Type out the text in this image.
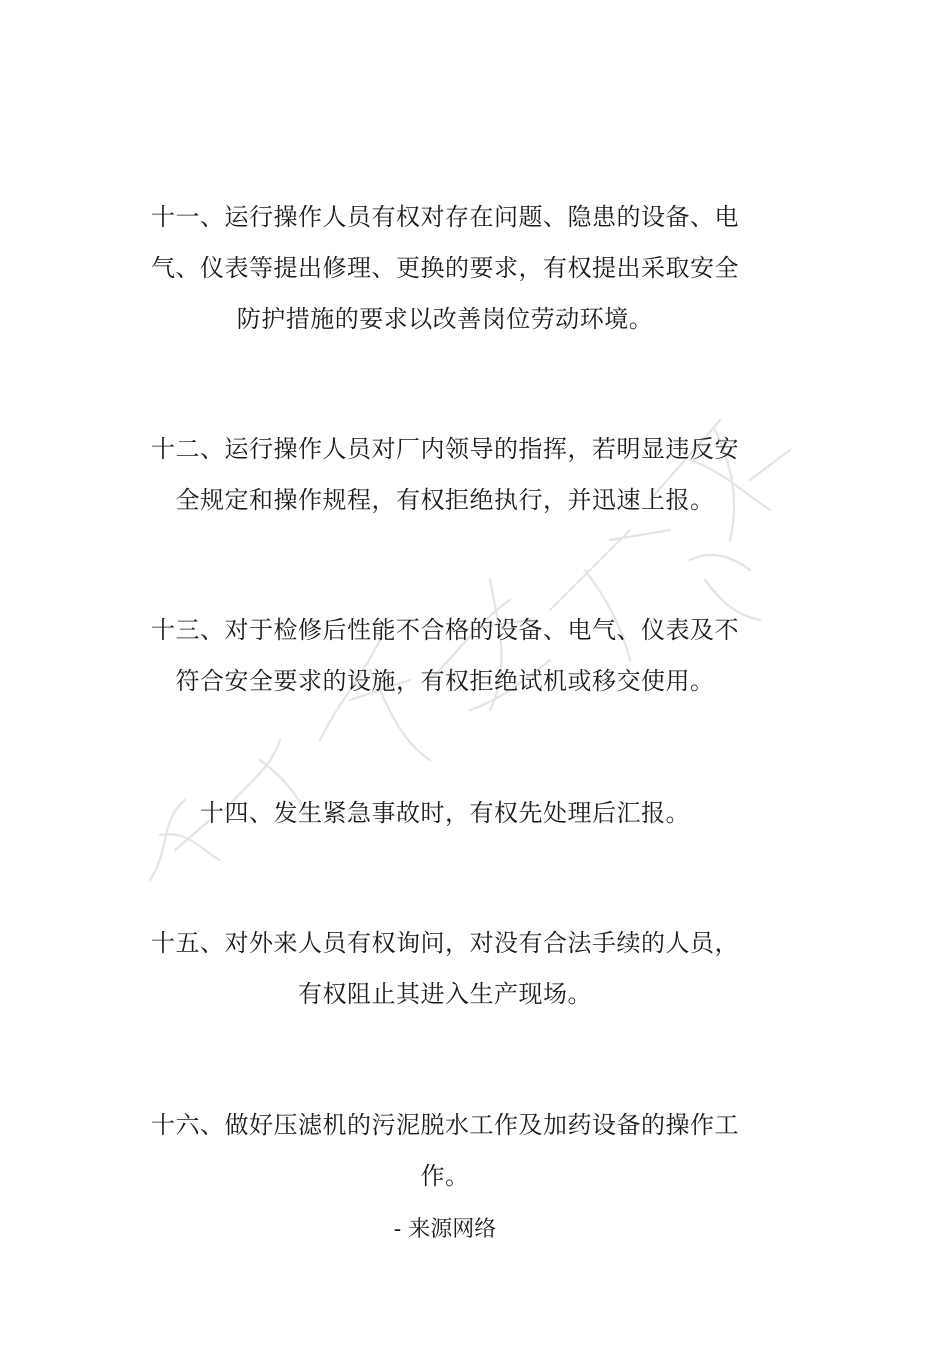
十一、运行操作人员有权对存在问题、隐患的设备、电气、仪表等提出修理、更换的要求，有权提出采取安全防护措施的要求以改善岗位劳动环境。

十二、运行操作人员对厂内领导的指挥，若明显违反安全规定和操作规程，有权拒绝执行，并迅速上报。

十三、对于检修后性能不合格的设备、电气、仪表及不符合安全要求的设施，有权拒绝试机或移交使用。

十四、发生紧急事故时，有权先处理后汇报。

十五、对外来人员有权询问，对没有合法手续的人员，有权阻止其进入生产现场。

十六、做好压滤机的污泥脱水工作及加药设备的操作工作。

- 来源网络
